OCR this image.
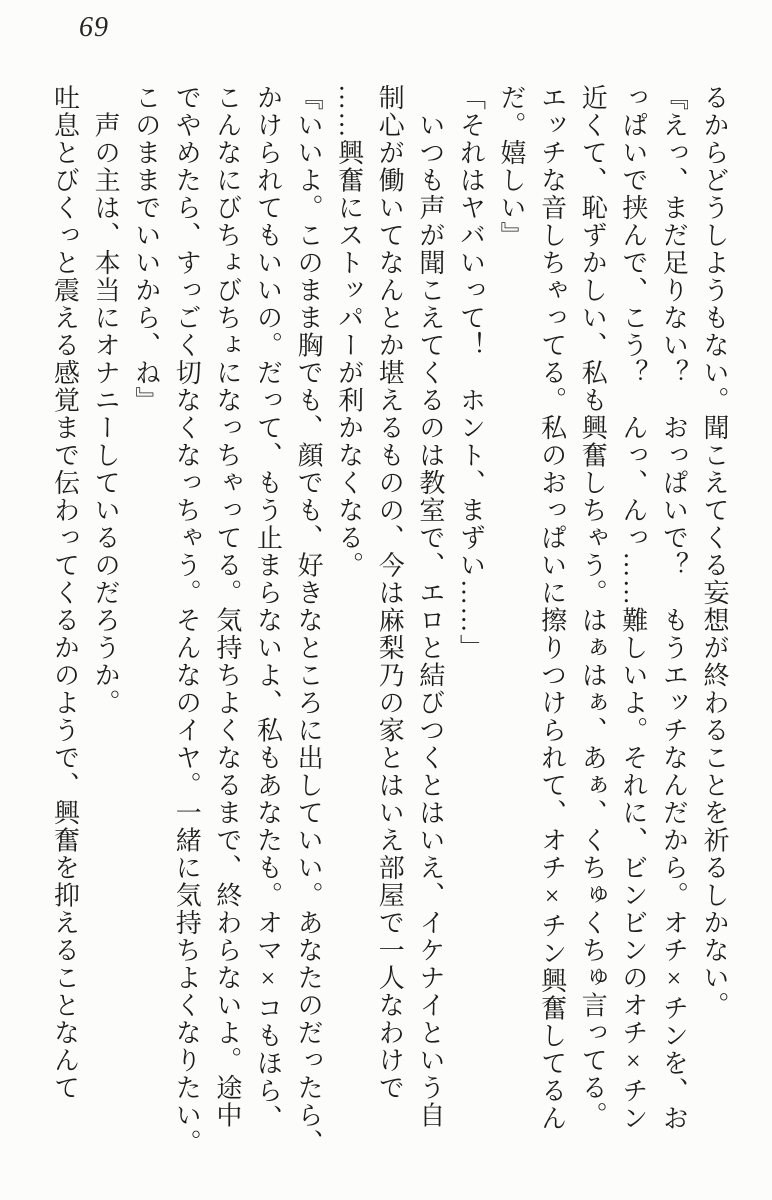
69

るからどうしようもない。聞こえてくる妄想が終わることを祈るしかない。

『えっ、まだ足りない？　おっぱいで？　もうエッチなんだから。オチ×チンを、お

っぱいで挟んで、こう？　んっ、んっ……難しいよ。それに、ビンビンのオチ×チン

近くて、恥ずかしい、私も興奮しちゃう。はぁはぁ、あぁ、くちゅくちゅ言ってる。

エッチな音しちゃってる。私のおっぱいに擦りつけられて、オチ×チン興奮してるん

だ。嬉しい』

「それはヤバいって！　ホント、まずい……」

　いつも声が聞こえてくるのは教室で、エロと結びつくとはいえ、イケナイという自

制心が働いてなんとか堪えるものの、今は麻梨乃の家とはいえ部屋で一人なわけで

……興奮にストッパーが利かなくなる。

『いいよ。このまま胸でも、顔でも、好きなところに出していい。あなたのだったら、

かけられてもいいの。だって、もう止まらないよ、私もあなたも。オマ×コもほら、

こんなにびちょびちょになっちゃってる。気持ちよくなるまで、終わらないよ。途中

でやめたら、すっごく切なくなっちゃう。そんなのイヤ。一緒に気持ちよくなりたい。

このままでいいから、ね』

　声の主は、本当にオナニーしているのだろうか。

吐息とびくっと震える感覚まで伝わってくるかのようで、興奮を抑えることなんて
